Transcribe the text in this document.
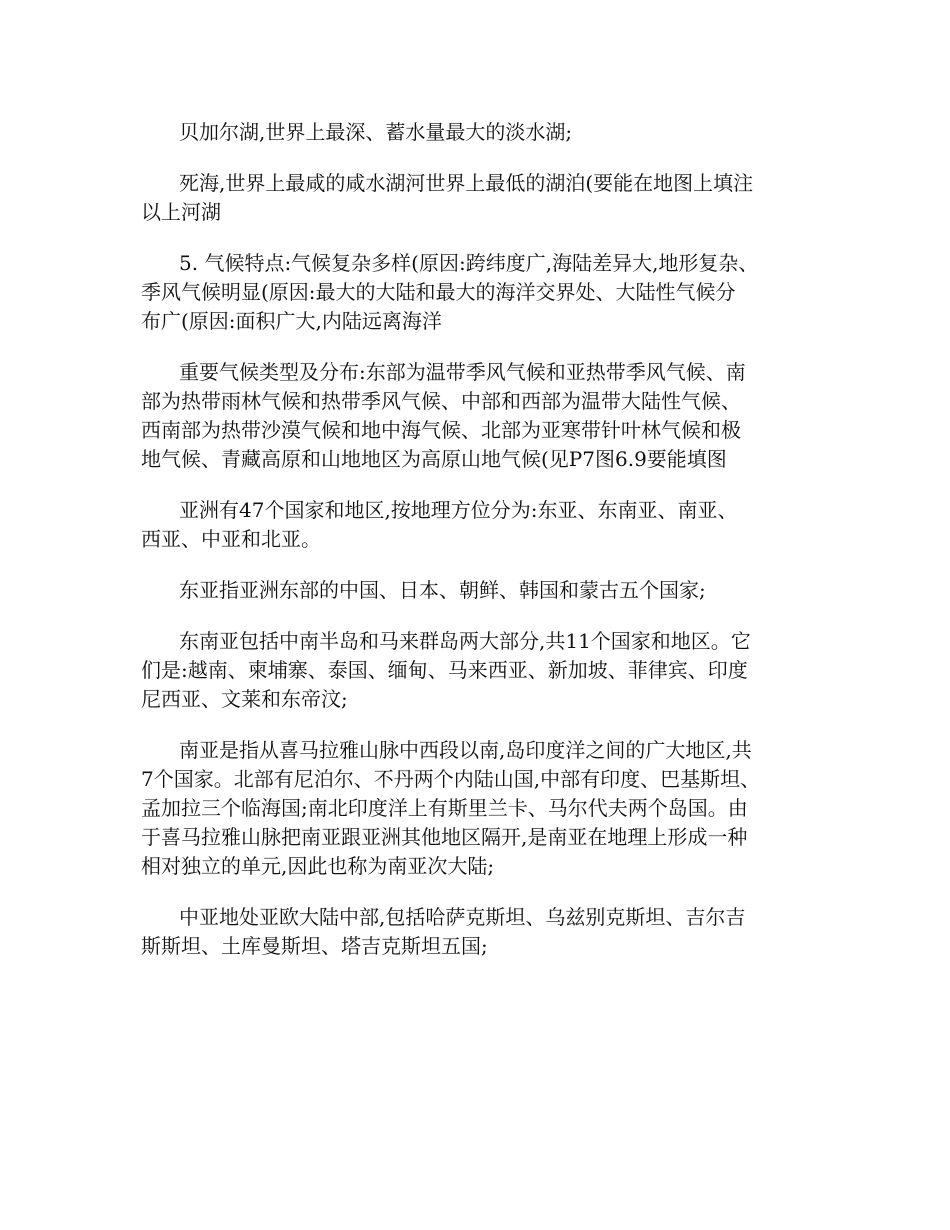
贝加尔湖,世界上最深、蓄水量最大的淡水湖;

死海,世界上最咸的咸水湖河世界上最低的湖泊(要能在地图上填注
以上河湖

5. 气候特点:气候复杂多样(原因:跨纬度广,海陆差异大,地形复杂、
季风气候明显(原因:最大的大陆和最大的海洋交界处、大陆性气候分
布广(原因:面积广大,内陆远离海洋

重要气候类型及分布:东部为温带季风气候和亚热带季风气候、南
部为热带雨林气候和热带季风气候、中部和西部为温带大陆性气候、
西南部为热带沙漠气候和地中海气候、北部为亚寒带针叶林气候和极
地气候、青藏高原和山地地区为高原山地气候(见P7图6.9要能填图

亚洲有47个国家和地区,按地理方位分为:东亚、东南亚、南亚、
西亚、中亚和北亚。

东亚指亚洲东部的中国、日本、朝鲜、韩国和蒙古五个国家;

东南亚包括中南半岛和马来群岛两大部分,共11个国家和地区。它
们是:越南、柬埔寨、泰国、缅甸、马来西亚、新加坡、菲律宾、印度
尼西亚、文莱和东帝汶;

南亚是指从喜马拉雅山脉中西段以南,岛印度洋之间的广大地区,共
7个国家。北部有尼泊尔、不丹两个内陆山国,中部有印度、巴基斯坦、
孟加拉三个临海国;南北印度洋上有斯里兰卡、马尔代夫两个岛国。由
于喜马拉雅山脉把南亚跟亚洲其他地区隔开,是南亚在地理上形成一种
相对独立的单元,因此也称为南亚次大陆;

中亚地处亚欧大陆中部,包括哈萨克斯坦、乌兹别克斯坦、吉尔吉
斯斯坦、土库曼斯坦、塔吉克斯坦五国;
